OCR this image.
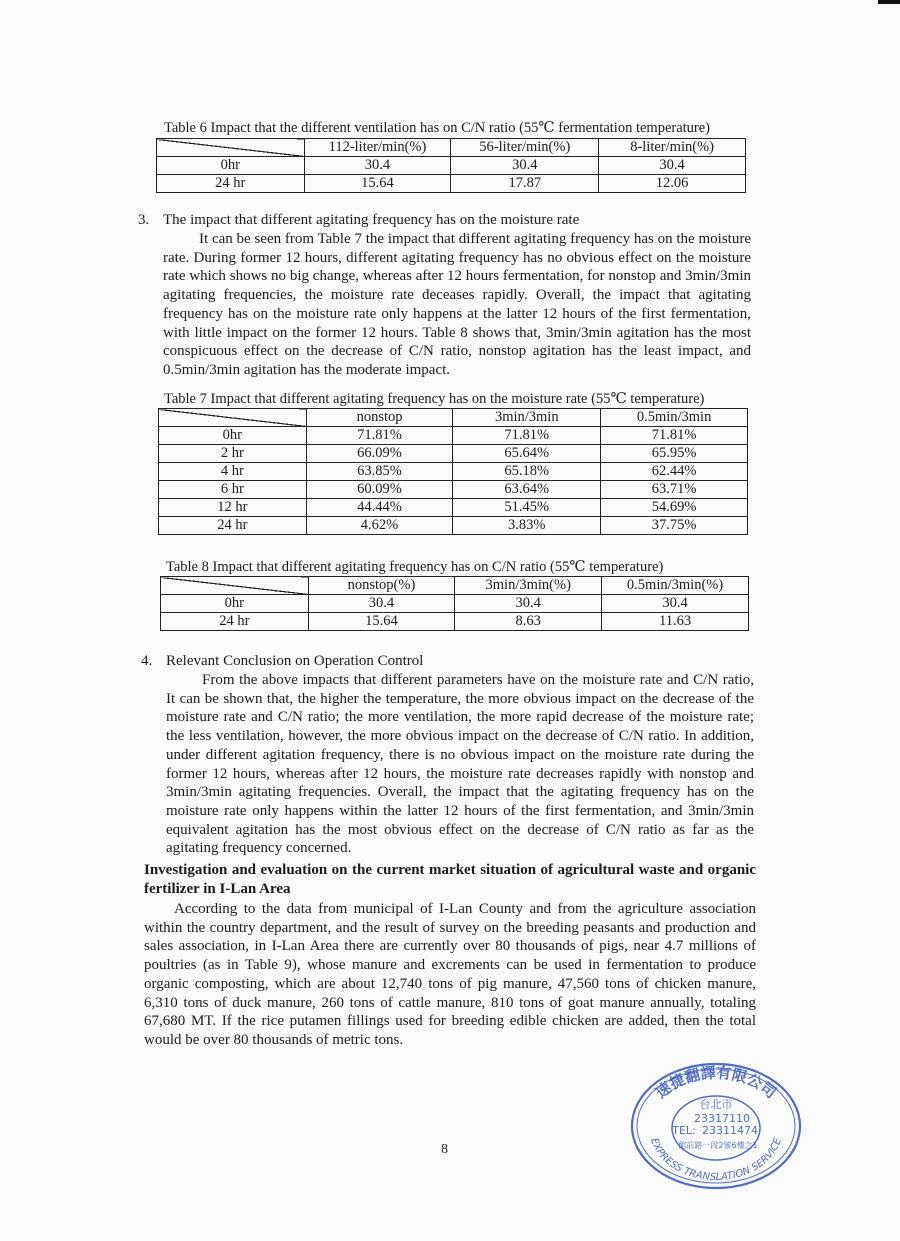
Table 6 Impact that the different ventilation has on C/N ratio (55℃ fermentation temperature)
	112-liter/min(%)	56-liter/min(%)	8-liter/min(%)
0hr	30.4	30.4	30.4
24 hr	15.64	17.87	12.06
3. The impact that different agitating frequency has on the moisture rate
It can be seen from Table 7 the impact that different agitating frequency has on the moisture rate. During former 12 hours, different agitating frequency has no obvious effect on the moisture rate which shows no big change, whereas after 12 hours fermentation, for nonstop and 3min/3min agitating frequencies, the moisture rate deceases rapidly. Overall, the impact that agitating frequency has on the moisture rate only happens at the latter 12 hours of the first fermentation, with little impact on the former 12 hours. Table 8 shows that, 3min/3min agitation has the most conspicuous effect on the decrease of C/N ratio, nonstop agitation has the least impact, and 0.5min/3min agitation has the moderate impact.
Table 7 Impact that different agitating frequency has on the moisture rate (55℃ temperature)
	nonstop	3min/3min	0.5min/3min
0hr	71.81%	71.81%	71.81%
2 hr	66.09%	65.64%	65.95%
4 hr	63.85%	65.18%	62.44%
6 hr	60.09%	63.64%	63.71%
12 hr	44.44%	51.45%	54.69%
24 hr	4.62%	3.83%	37.75%
Table 8 Impact that different agitating frequency has on C/N ratio (55℃ temperature)
	nonstop(%)	3min/3min(%)	0.5min/3min(%)
0hr	30.4	30.4	30.4
24 hr	15.64	8.63	11.63
4. Relevant Conclusion on Operation Control
From the above impacts that different parameters have on the moisture rate and C/N ratio, It can be shown that, the higher the temperature, the more obvious impact on the decrease of the moisture rate and C/N ratio; the more ventilation, the more rapid decrease of the moisture rate; the less ventilation, however, the more obvious impact on the decrease of C/N ratio. In addition, under different agitation frequency, there is no obvious impact on the moisture rate during the former 12 hours, whereas after 12 hours, the moisture rate decreases rapidly with nonstop and 3min/3min agitating frequencies. Overall, the impact that the agitating frequency has on the moisture rate only happens within the latter 12 hours of the first fermentation, and 3min/3min equivalent agitation has the most obvious effect on the decrease of C/N ratio as far as the agitating frequency concerned.
Investigation and evaluation on the current market situation of agricultural waste and organic fertilizer in I-Lan Area
According to the data from municipal of I-Lan County and from the agriculture association within the country department, and the result of survey on the breeding peasants and production and sales association, in I-Lan Area there are currently over 80 thousands of pigs, near 4.7 millions of poultries (as in Table 9), whose manure and excrements can be used in fermentation to produce organic composting, which are about 12,740 tons of pig manure, 47,560 tons of chicken manure, 6,310 tons of duck manure, 260 tons of cattle manure, 810 tons of goat manure annually, totaling 67,680 MT. If the rice putamen fillings used for breeding edible chicken are added, then the total would be over 80 thousands of metric tons.
8
速捷翻譯有限公司
EXPRESS TRANSLATION SERVICE
台北市
23317110
TEL: 23311474
館前路一段2號6樓之1
